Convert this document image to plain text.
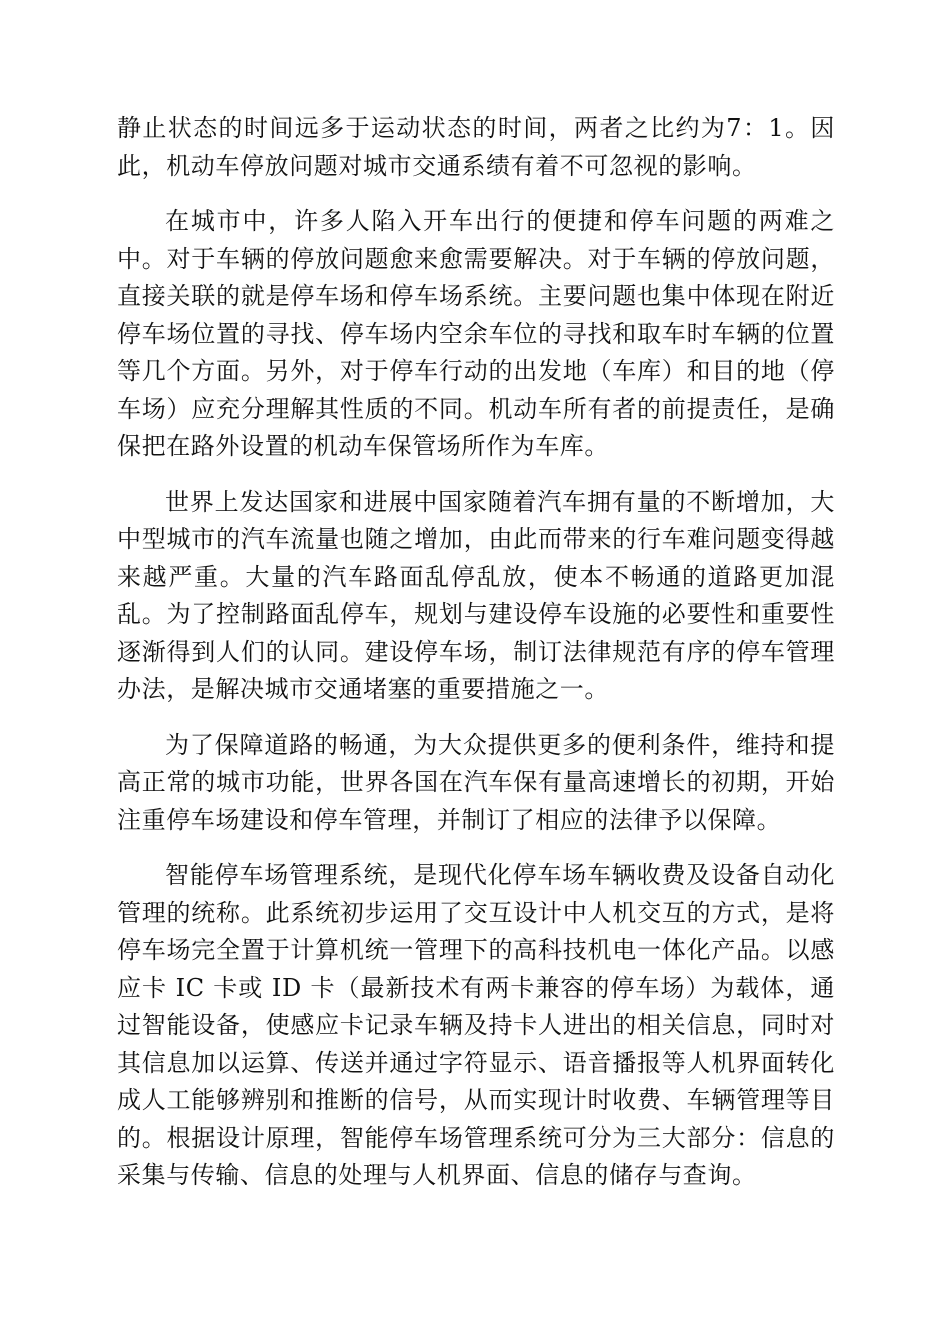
静止状态的时间远多于运动状态的时间，两者之比约为7：1。因此，机动车停放问题对城市交通系绩有着不可忽视的影响。

在城市中，许多人陷入开车出行的便捷和停车问题的两难之中。对于车辆的停放问题愈来愈需要解决。对于车辆的停放问题，直接关联的就是停车场和停车场系统。主要问题也集中体现在附近停车场位置的寻找、停车场内空余车位的寻找和取车时车辆的位置等几个方面。另外，对于停车行动的出发地（车库）和目的地（停车场）应充分理解其性质的不同。机动车所有者的前提责任，是确保把在路外设置的机动车保管场所作为车库。

世界上发达国家和进展中国家随着汽车拥有量的不断增加，大中型城市的汽车流量也随之增加，由此而带来的行车难问题变得越来越严重。大量的汽车路面乱停乱放，使本不畅通的道路更加混乱。为了控制路面乱停车，规划与建设停车设施的必要性和重要性逐渐得到人们的认同。建设停车场，制订法律规范有序的停车管理办法，是解决城市交通堵塞的重要措施之一。

为了保障道路的畅通，为大众提供更多的便利条件，维持和提高正常的城市功能，世界各国在汽车保有量高速增长的初期，开始注重停车场建设和停车管理，并制订了相应的法律予以保障。

智能停车场管理系统，是现代化停车场车辆收费及设备自动化管理的统称。此系统初步运用了交互设计中人机交互的方式，是将停车场完全置于计算机统一管理下的高科技机电一体化产品。以感应卡 IC 卡或 ID 卡（最新技术有两卡兼容的停车场）为载体，通过智能设备，使感应卡记录车辆及持卡人进出的相关信息，同时对其信息加以运算、传送并通过字符显示、语音播报等人机界面转化成人工能够辨别和推断的信号，从而实现计时收费、车辆管理等目的。根据设计原理，智能停车场管理系统可分为三大部分：信息的采集与传输、信息的处理与人机界面、信息的储存与查询。
